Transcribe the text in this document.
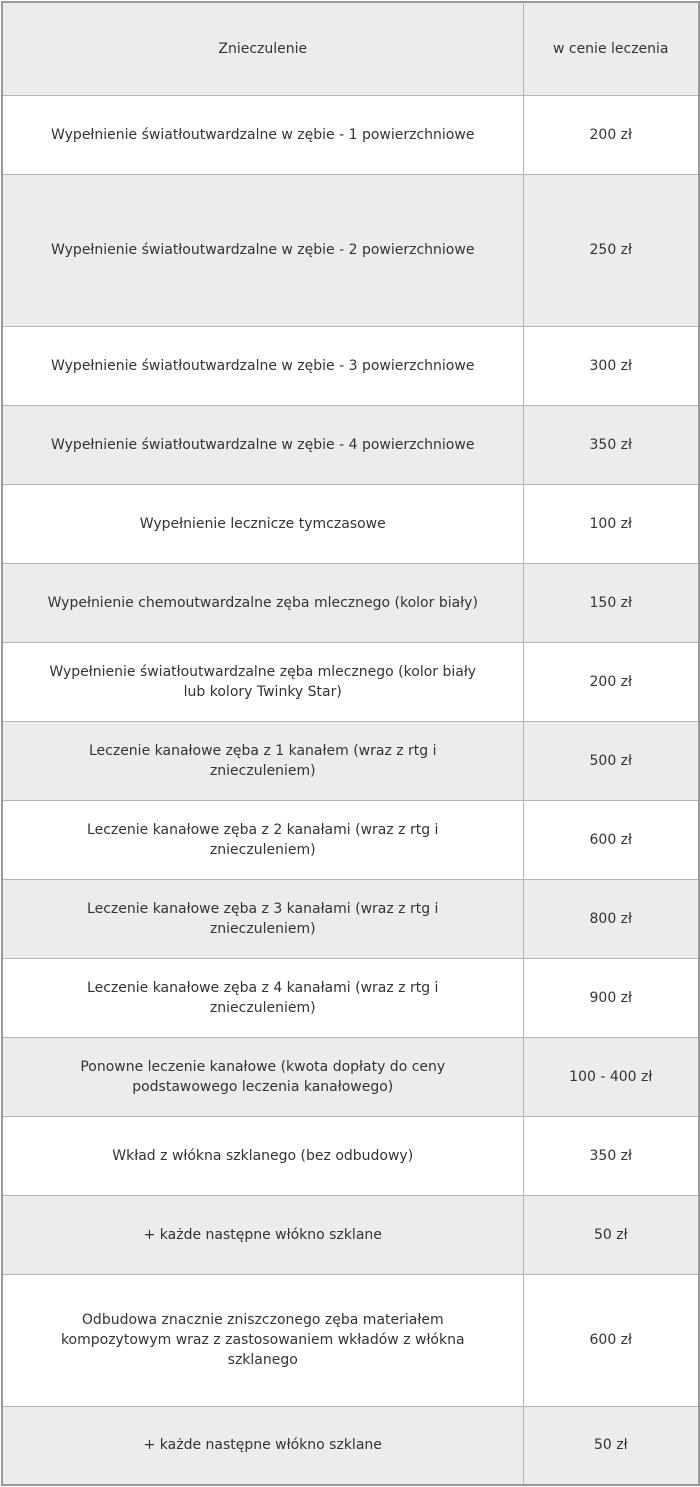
Znieczulenie	w cenie leczenia
Wypełnienie światłoutwardzalne w zębie - 1 powierzchniowe	200 zł
Wypełnienie światłoutwardzalne w zębie - 2 powierzchniowe	250 zł
Wypełnienie światłoutwardzalne w zębie - 3 powierzchniowe	300 zł
Wypełnienie światłoutwardzalne w zębie - 4 powierzchniowe	350 zł
Wypełnienie lecznicze tymczasowe	100 zł
Wypełnienie chemoutwardzalne zęba mlecznego (kolor biały)	150 zł
Wypełnienie światłoutwardzalne zęba mlecznego (kolor biały lub kolory Twinky Star)	200 zł
Leczenie kanałowe zęba z 1 kanałem (wraz z rtg i znieczuleniem)	500 zł
Leczenie kanałowe zęba z 2 kanałami (wraz z rtg i znieczuleniem)	600 zł
Leczenie kanałowe zęba z 3 kanałami (wraz z rtg i znieczuleniem)	800 zł
Leczenie kanałowe zęba z 4 kanałami (wraz z rtg i znieczuleniem)	900 zł
Ponowne leczenie kanałowe (kwota dopłaty do ceny podstawowego leczenia kanałowego)	100 - 400 zł
Wkład z włókna szklanego (bez odbudowy)	350 zł
+ każde następne włókno szklane	50 zł
Odbudowa znacznie zniszczonego zęba materiałem kompozytowym wraz z zastosowaniem wkładów z włókna szklanego	600 zł
+ każde następne włókno szklane	50 zł
